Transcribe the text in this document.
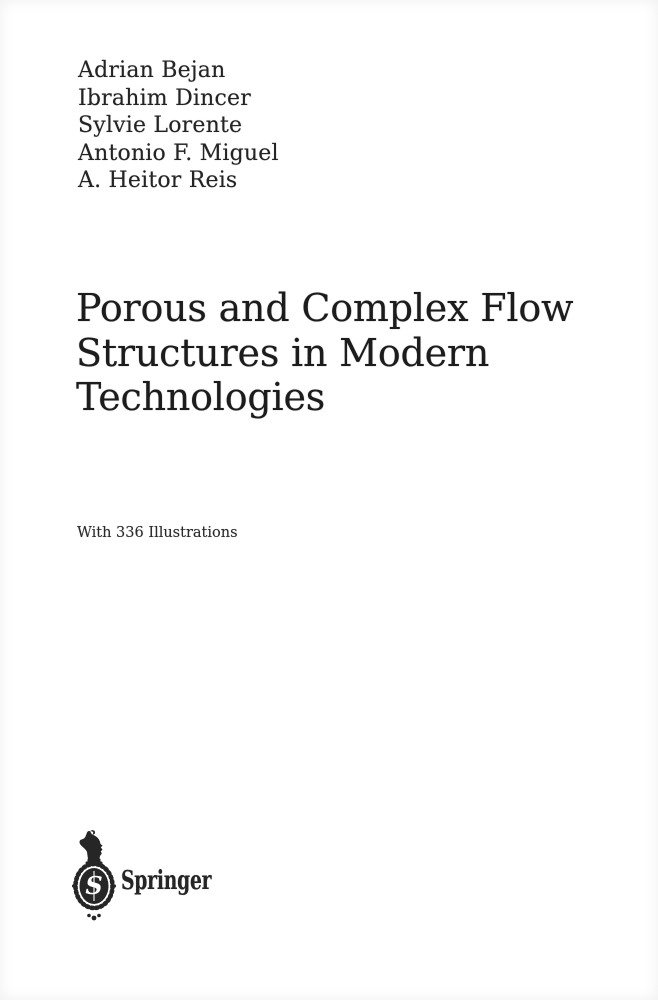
Adrian Bejan
Ibrahim Dincer
Sylvie Lorente
Antonio F. Miguel
A. Heitor Reis
Porous and Complex Flow
Structures in Modern
Technologies
With 336 Illustrations
S Springer
